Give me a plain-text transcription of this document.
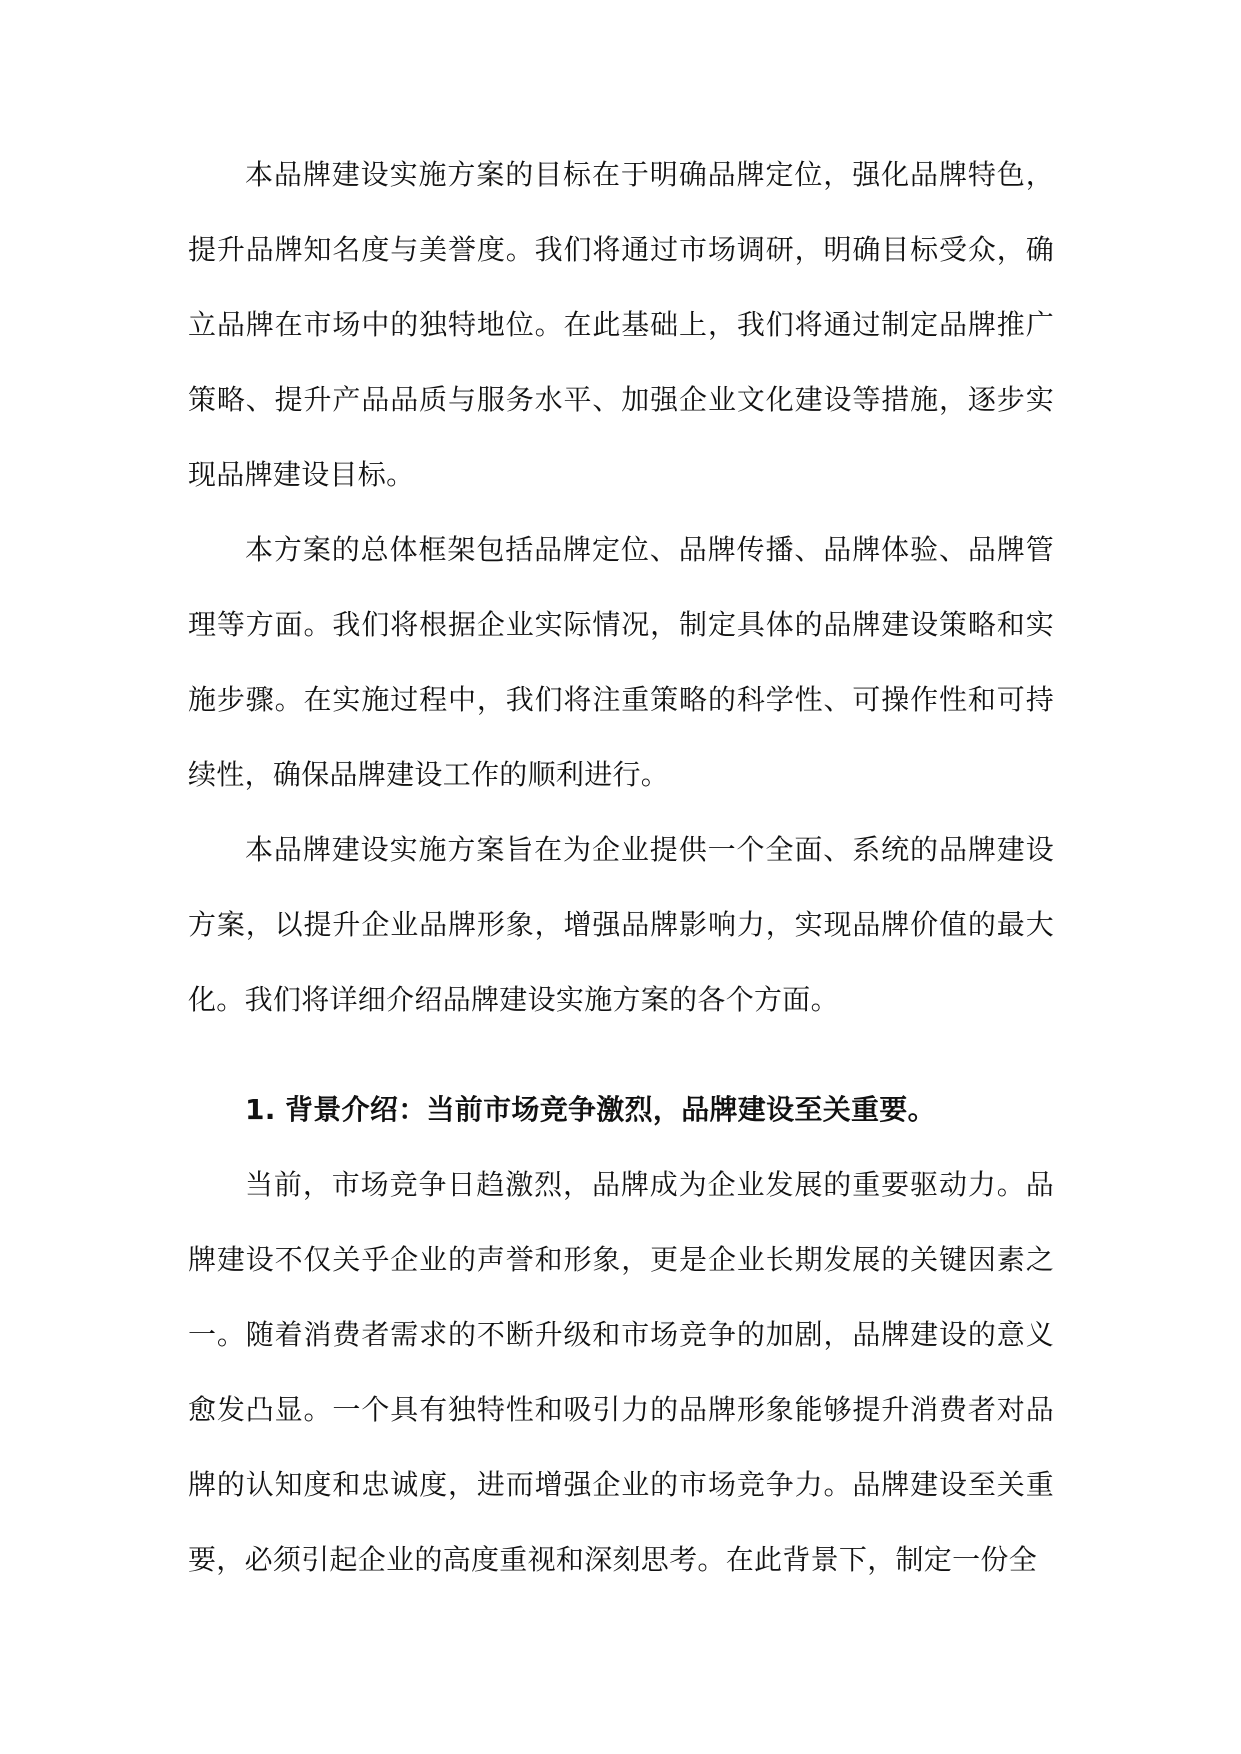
本品牌建设实施方案的目标在于明确品牌定位，强化品牌特色，提升品牌知名度与美誉度。我们将通过市场调研，明确目标受众，确立品牌在市场中的独特地位。在此基础上，我们将通过制定品牌推广策略、提升产品品质与服务水平、加强企业文化建设等措施，逐步实现品牌建设目标。

本方案的总体框架包括品牌定位、品牌传播、品牌体验、品牌管理等方面。我们将根据企业实际情况，制定具体的品牌建设策略和实施步骤。在实施过程中，我们将注重策略的科学性、可操作性和可持续性，确保品牌建设工作的顺利进行。

本品牌建设实施方案旨在为企业提供一个全面、系统的品牌建设方案，以提升企业品牌形象，增强品牌影响力，实现品牌价值的最大化。我们将详细介绍品牌建设实施方案的各个方面。

1. 背景介绍：当前市场竞争激烈，品牌建设至关重要。

当前，市场竞争日趋激烈，品牌成为企业发展的重要驱动力。品牌建设不仅关乎企业的声誉和形象，更是企业长期发展的关键因素之一。随着消费者需求的不断升级和市场竞争的加剧，品牌建设的意义愈发凸显。一个具有独特性和吸引力的品牌形象能够提升消费者对品牌的认知度和忠诚度，进而增强企业的市场竞争力。品牌建设至关重要，必须引起企业的高度重视和深刻思考。在此背景下，制定一份全
